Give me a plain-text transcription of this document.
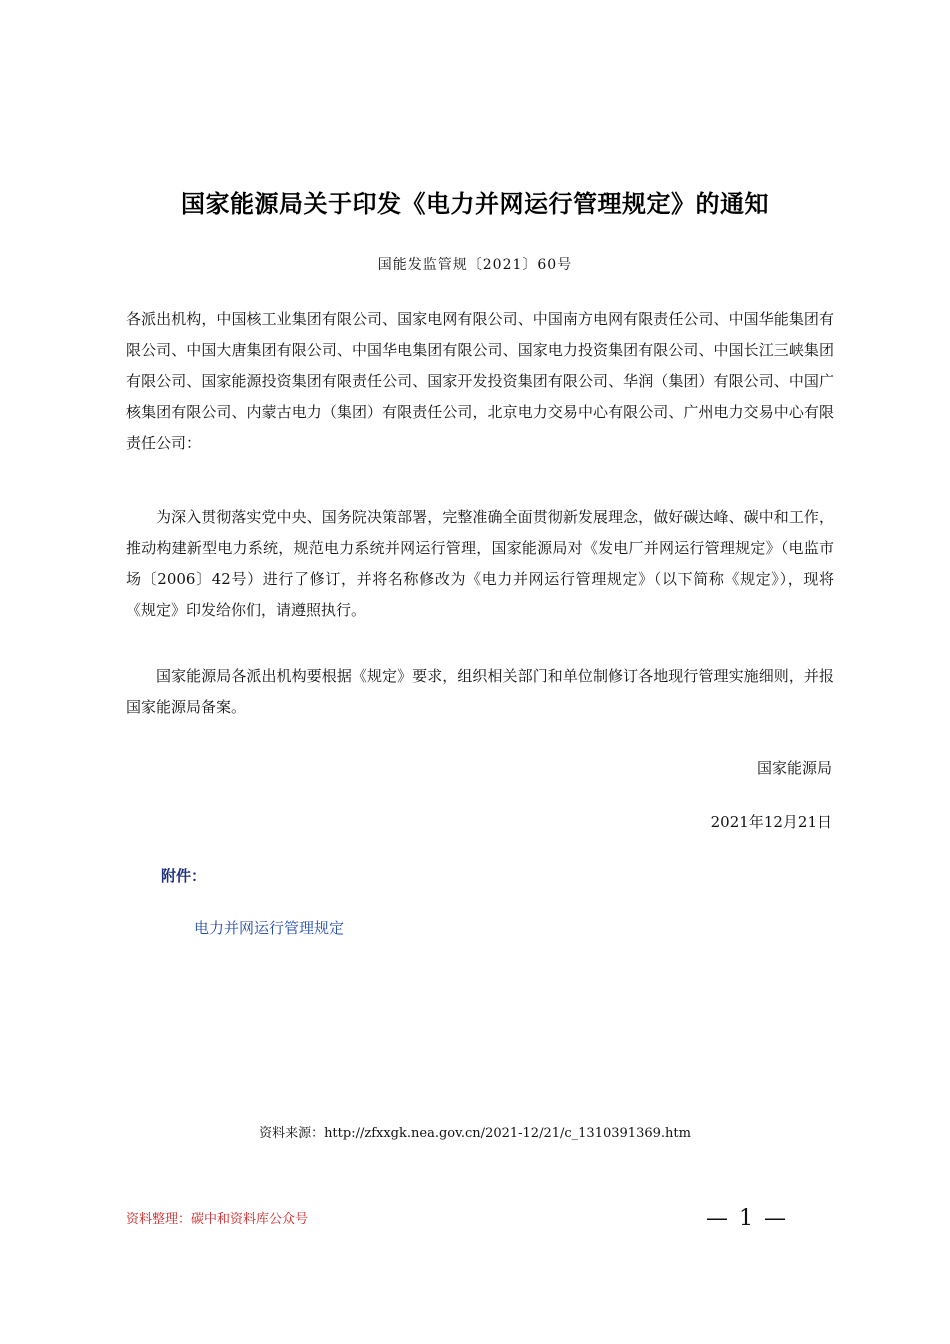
国家能源局关于印发《电力并网运行管理规定》的通知
国能发监管规〔2021〕60号
各派出机构，中国核工业集团有限公司、国家电网有限公司、中国南方电网有限责任公司、中国华能集团有限公司、中国大唐集团有限公司、中国华电集团有限公司、国家电力投资集团有限公司、中国长江三峡集团有限公司、国家能源投资集团有限责任公司、国家开发投资集团有限公司、华润（集团）有限公司、中国广核集团有限公司、内蒙古电力（集团）有限责任公司，北京电力交易中心有限公司、广州电力交易中心有限责任公司：
为深入贯彻落实党中央、国务院决策部署，完整准确全面贯彻新发展理念，做好碳达峰、碳中和工作，推动构建新型电力系统，规范电力系统并网运行管理，国家能源局对《发电厂并网运行管理规定》（电监市场〔2006〕42号）进行了修订，并将名称修改为《电力并网运行管理规定》（以下简称《规定》），现将《规定》印发给你们，请遵照执行。
国家能源局各派出机构要根据《规定》要求，组织相关部门和单位制修订各地现行管理实施细则，并报国家能源局备案。
国家能源局
2021年12月21日
附件：
电力并网运行管理规定
资料来源：http://zfxxgk.nea.gov.cn/2021-12/21/c_1310391369.htm
资料整理：碳中和资料库公众号	— 1 —
